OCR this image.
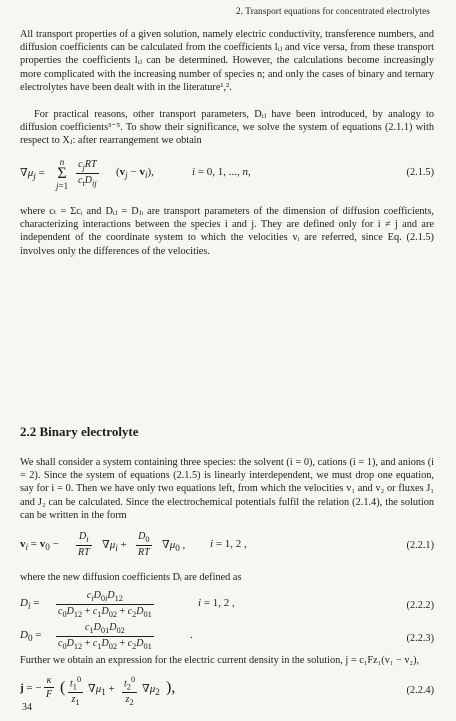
2. Transport equations for concentrated electrolytes

All transport properties of a given solution, namely electric conductivity, transference numbers, and diffusion coefficients can be calculated from the coefficients lᵢⱼ and vice versa, from these transport properties the coefficients lᵢⱼ can be determined. However, the calculations become increasingly more complicated with the increasing number of species n; and only the cases of binary and ternary electrolytes have been dealt with in the literature¹,².

For practical reasons, other transport parameters, Dᵢⱼ have been introduced, by analogy to diffusion coefficients³⁻⁵. To show their significance, we solve the system of equations (2.1.1) with respect to Xⱼ: after rearrangement we obtain

$\nabla\mu_j$ =
n
Σ
j=1
$c_jRT$
$c_tD_{ij}$
$(v_j - v_i)$,	i = 0, 1, ..., n,	(2.1.5)

where cₜ = Σcᵢ and Dᵢⱼ = Dⱼᵢ are transport parameters of the dimension of diffusion coefficients, characterizing interactions between the species i and j. They are defined only for i ≠ j and are independent of the coordinate system to which the velocities vᵢ are referred, since Eq. (2.1.5) involves only the differences of the velocities.

2.2 Binary electrolyte

We shall consider a system containing three species: the solvent (i = 0), cations (i = 1), and anions (i = 2). Since the system of equations (2.1.5) is linearly interdependent, we must drop one equation, say for i = 0. Then we have only two equations left, from which the velocities v₁ and v₂ or fluxes J₁ and J₂ can be calculated. Since the electrochemical potentials fulfil the relation (2.1.4), the solution can be written in the form

$v_i = v_0 - \frac{D_i}{RT} \nabla\mu_i + \frac{D_0}{RT} \nabla\mu_0$ , i = 1, 2 ,	(2.2.1)

where the new diffusion coefficients Dᵢ are defined as

$D_i$ =
$c_iD_{0i}D_{12}$
$c_0D_{12} + c_1D_{02} + c_2D_{01}$
i = 1, 2 ,	(2.2.2)
$D_0 = \frac{c_1D_{01}D_{02}}{c_0D_{12} + c_1D_{02} + c_2D_{01}}$	.	(2.2.3)

Further we obtain an expression for the electric current density in the solution, j = c₁Fz₁(v₁ − v₂),

j = − $\frac{\kappa}{F}$ ( $\frac{t_1^0}{z_1} \nabla\mu_1 + \frac{t_2^0}{z_2} \nabla\mu_2$ ),	(2.2.4)
34
